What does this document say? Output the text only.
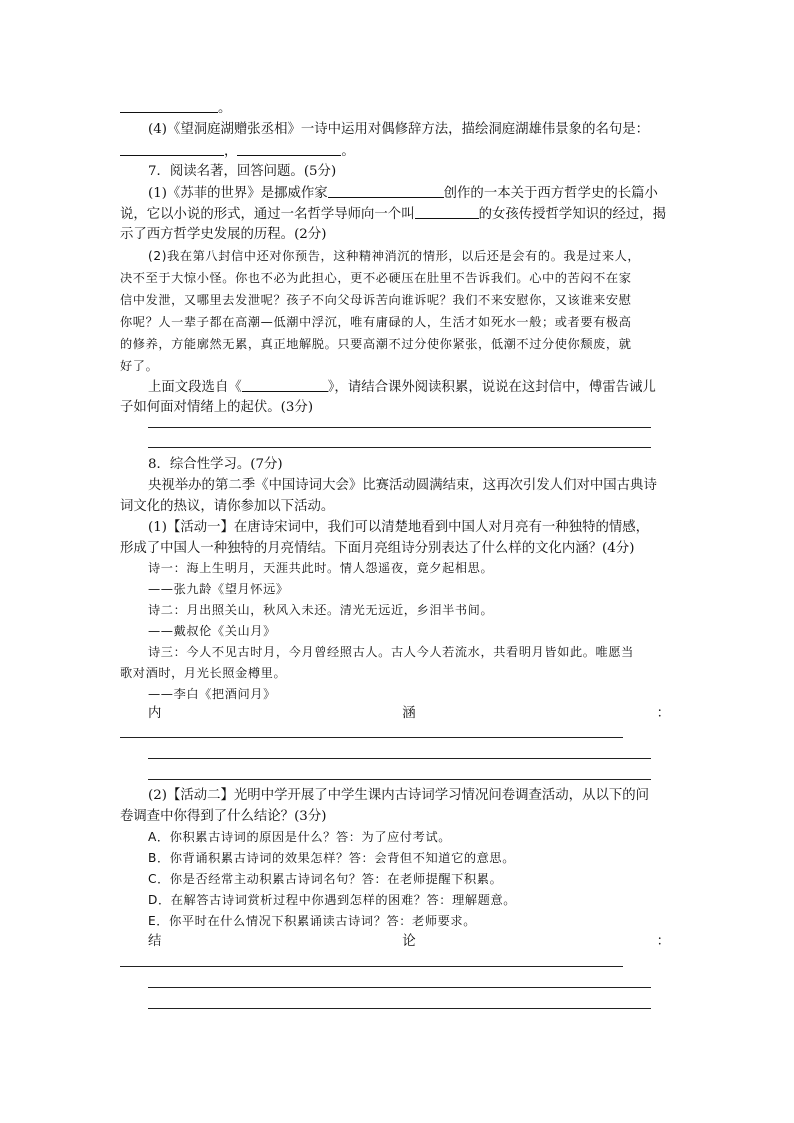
。
(4)《望洞庭湖赠张丞相》一诗中运用对偶修辞方法，描绘洞庭湖雄伟景象的名句是：
，	。
7．阅读名著，回答问题。(5分)
(1)《苏菲的世界》是挪威作家	创作的一本关于西方哲学史的长篇小
说，它以小说的形式，通过一名哲学导师向一个叫	的女孩传授哲学知识的经过，揭
示了西方哲学史发展的历程。(2分)
(2)我在第八封信中还对你预告，这种精神消沉的情形，以后还是会有的。我是过来人，
决不至于大惊小怪。你也不必为此担心，更不必硬压在肚里不告诉我们。心中的苦闷不在家
信中发泄，又哪里去发泄呢？孩子不向父母诉苦向谁诉呢？我们不来安慰你，又该谁来安慰
你呢？人一辈子都在高潮—低潮中浮沉，唯有庸碌的人，生活才如死水一般；或者要有极高
的修养，方能廓然无累，真正地解脱。只要高潮不过分使你紧张，低潮不过分使你颓废，就
好了。
上面文段选自《	》，请结合课外阅读积累，说说在这封信中，傅雷告诫儿
子如何面对情绪上的起伏。(3分)
8．综合性学习。(7分)
央视举办的第二季《中国诗词大会》比赛活动圆满结束，这再次引发人们对中国古典诗
词文化的热议，请你参加以下活动。
(1)【活动一】在唐诗宋词中，我们可以清楚地看到中国人对月亮有一种独特的情感，
形成了中国人一种独特的月亮情结。下面月亮组诗分别表达了什么样的文化内涵？(4分)
诗一：海上生明月，天涯共此时。情人怨遥夜，竟夕起相思。
——张九龄《望月怀远》
诗二：月出照关山，秋风入未还。清光无远近，乡泪半书间。
——戴叔伦《关山月》
诗三：今人不见古时月，今月曾经照古人。古人今人若流水，共看明月皆如此。唯愿当
歌对酒时，月光长照金樽里。
——李白《把酒问月》
内	涵	：
(2)【活动二】光明中学开展了中学生课内古诗词学习情况问卷调查活动，从以下的问
卷调查中你得到了什么结论？(3分)
A．你积累古诗词的原因是什么？答：为了应付考试。
B．你背诵积累古诗词的效果怎样？答：会背但不知道它的意思。
C．你是否经常主动积累古诗词名句？答：在老师提醒下积累。
D．在解答古诗词赏析过程中你遇到怎样的困难？答：理解题意。
E．你平时在什么情况下积累诵读古诗词？答：老师要求。
结	论	：
